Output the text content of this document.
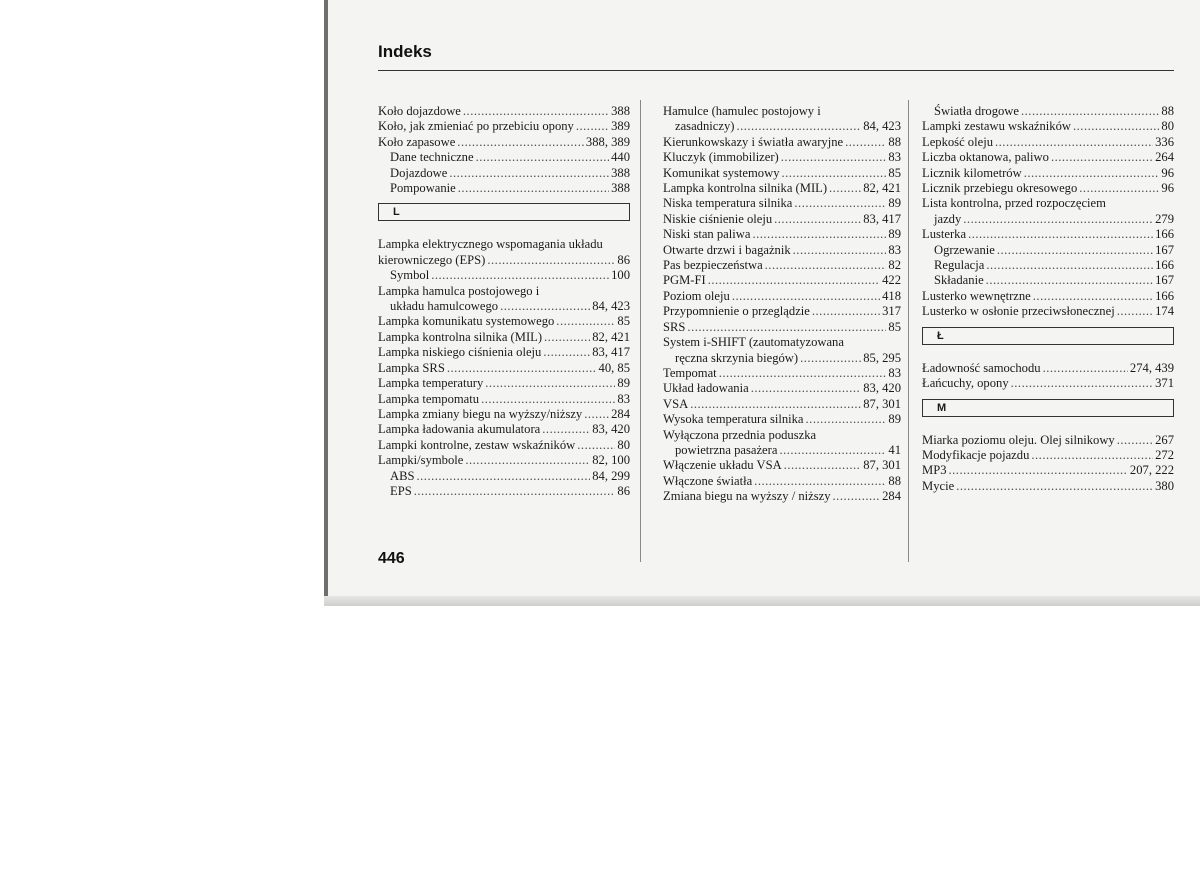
Indeks
Koło dojazdowe .....	388
Koło, jak zmieniać po przebiciu opony .....	389
Koło zapasowe .....	388, 389
Dane techniczne .....	440
Dojazdowe .....	388
Pompowanie .....	388
L
Lampka elektrycznego wspomagania układu
kierowniczego (EPS) .....	86
Symbol .....	100
Lampka hamulca postojowego i
układu hamulcowego .....	84, 423
Lampka komunikatu systemowego .....	85
Lampka kontrolna silnika (MIL) .....	82, 421
Lampka niskiego ciśnienia oleju .....	83, 417
Lampka SRS .....	40, 85
Lampka temperatury .....	89
Lampka tempomatu .....	83
Lampka zmiany biegu na wyższy/niższy ..... 284
Lampka ładowania akumulatora .....	83, 420
Lampki kontrolne, zestaw wskaźników .....	80
Lampki/symbole .....	82, 100
ABS .....	84, 299
EPS .....	86
Hamulce (hamulec postojowy i
zasadniczy) .....	84, 423
Kierunkowskazy i światła awaryjne .....	88
Kluczyk (immobilizer) .....	83
Komunikat systemowy .....	85
Lampka kontrolna silnika (MIL) .....	82, 421
Niska temperatura silnika .....	89
Niskie ciśnienie oleju .....	83, 417
Niski stan paliwa .....	89
Otwarte drzwi i bagażnik .....	83
Pas bezpieczeństwa .....	82
PGM-FI .....	422
Poziom oleju .....	418
Przypomnienie o przeglądzie .....	317
SRS .....	85
System i-SHIFT (zautomatyzowana
ręczna skrzynia biegów) .....	85, 295
Tempomat .....	83
Układ ładowania .....	83, 420
VSA .....	87, 301
Wysoka temperatura silnika .....	89
Wyłączona przednia poduszka
powietrzna pasażera .....	41
Włączenie układu VSA .....	87, 301
Włączone światła .....	88
Zmiana biegu na wyższy / niższy .....	284
Światła drogowe .....	88
Lampki zestawu wskaźników .....	80
Lepkość oleju .....	336
Liczba oktanowa, paliwo .....	264
Licznik kilometrów .....	96
Licznik przebiegu okresowego .....	96
Lista kontrolna, przed rozpoczęciem
jazdy .....	279
Lusterka .....	166
Ogrzewanie .....	167
Regulacja .....	166
Składanie .....	167
Lusterko wewnętrzne .....	166
Lusterko w osłonie przeciwsłonecznej .....	174
Ł
Ładowność samochodu .....	274, 439
Łańcuchy, opony .....	371
M
Miarka poziomu oleju. Olej silnikowy .....	267
Modyfikacje pojazdu .....	272
MP3 .....	207, 222
Mycie .....	380
446
